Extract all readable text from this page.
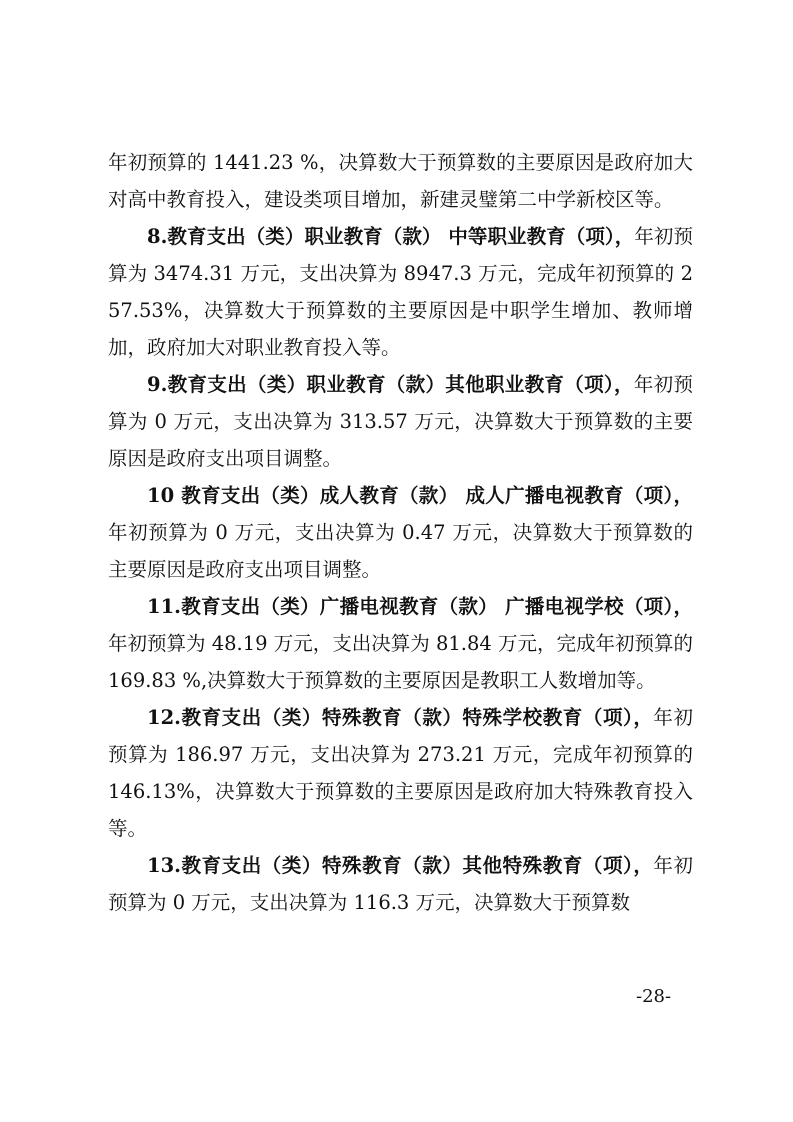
年初预算的 1441.23 %，决算数大于预算数的主要原因是政府加大对高中教育投入，建设类项目增加，新建灵璧第二中学新校区等。

8.教育支出（类）职业教育（款） 中等职业教育（项），年初预算为 3474.31 万元，支出决算为 8947.3 万元，完成年初预算的 257.53%，决算数大于预算数的主要原因是中职学生增加、教师增加，政府加大对职业教育投入等。

9.教育支出（类）职业教育（款）其他职业教育（项），年初预算为 0 万元，支出决算为 313.57 万元，决算数大于预算数的主要原因是政府支出项目调整。

10 教育支出（类）成人教育（款） 成人广播电视教育（项），年初预算为 0 万元，支出决算为 0.47 万元，决算数大于预算数的主要原因是政府支出项目调整。

11.教育支出（类）广播电视教育（款） 广播电视学校（项），年初预算为 48.19 万元，支出决算为 81.84 万元，完成年初预算的 169.83 %,决算数大于预算数的主要原因是教职工人数增加等。

12.教育支出（类）特殊教育（款）特殊学校教育（项），年初预算为 186.97 万元，支出决算为 273.21 万元，完成年初预算的 146.13%，决算数大于预算数的主要原因是政府加大特殊教育投入等。

13.教育支出（类）特殊教育（款）其他特殊教育（项），年初预算为 0 万元，支出决算为 116.3 万元，决算数大于预算数

-28-
